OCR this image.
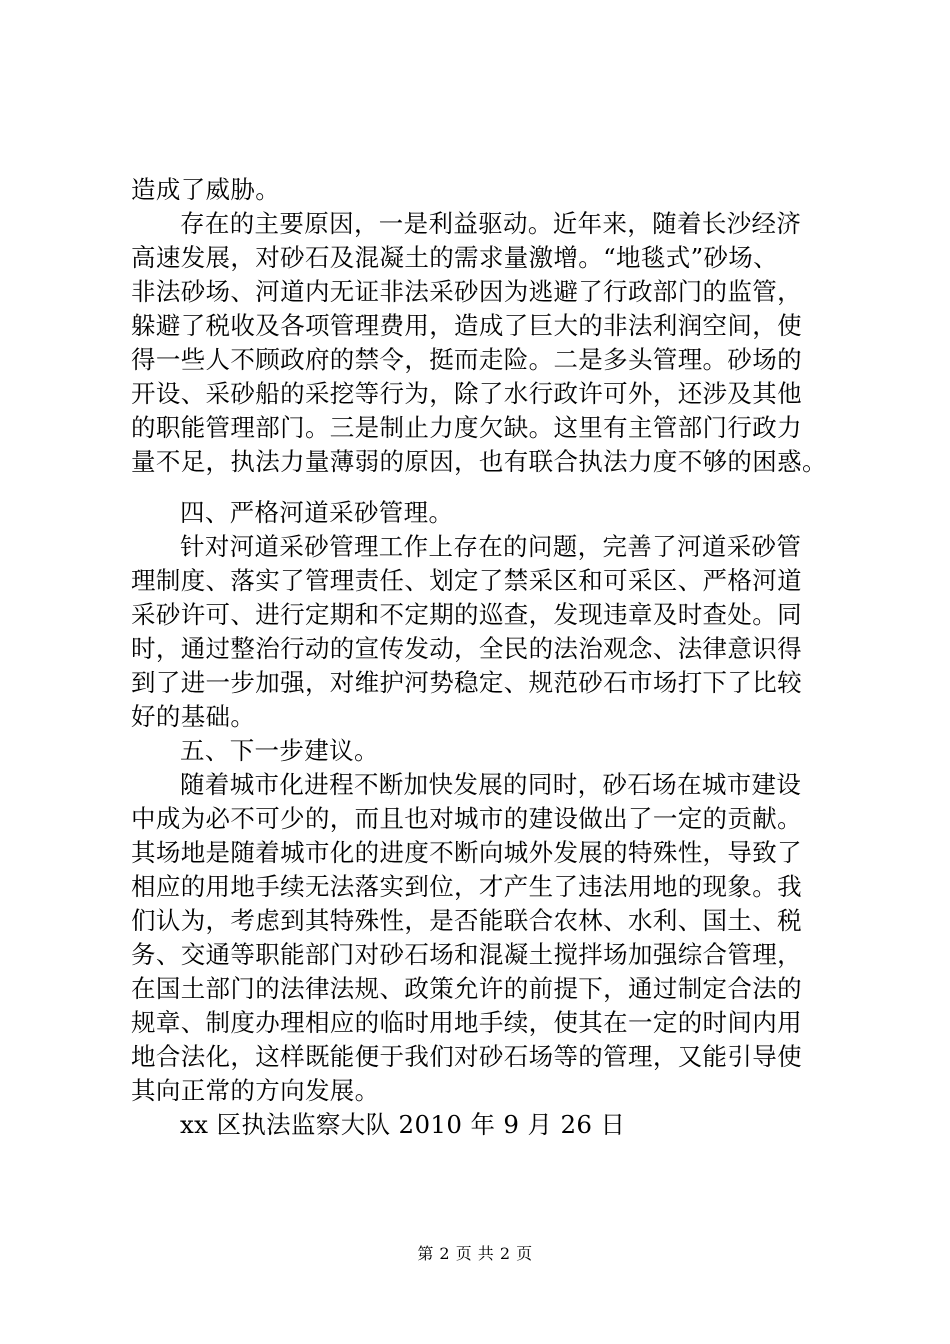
造成了威胁。
存在的主要原因，一是利益驱动。近年来，随着长沙经济
高速发展，对砂石及混凝土的需求量激增。“地毯式”砂场、
非法砂场、河道内无证非法采砂因为逃避了行政部门的监管，
躲避了税收及各项管理费用，造成了巨大的非法利润空间，使
得一些人不顾政府的禁令，挺而走险。二是多头管理。砂场的
开设、采砂船的采挖等行为，除了水行政许可外，还涉及其他
的职能管理部门。三是制止力度欠缺。这里有主管部门行政力
量不足，执法力量薄弱的原因，也有联合执法力度不够的困惑。
四、严格河道采砂管理。
针对河道采砂管理工作上存在的问题，完善了河道采砂管
理制度、落实了管理责任、划定了禁采区和可采区、严格河道
采砂许可、进行定期和不定期的巡查，发现违章及时查处。同
时，通过整治行动的宣传发动，全民的法治观念、法律意识得
到了进一步加强，对维护河势稳定、规范砂石市场打下了比较
好的基础。
五、下一步建议。
随着城市化进程不断加快发展的同时，砂石场在城市建设
中成为必不可少的，而且也对城市的建设做出了一定的贡献。
其场地是随着城市化的进度不断向城外发展的特殊性，导致了
相应的用地手续无法落实到位，才产生了违法用地的现象。我
们认为，考虑到其特殊性，是否能联合农林、水利、国土、税
务、交通等职能部门对砂石场和混凝土搅拌场加强综合管理，
在国土部门的法律法规、政策允许的前提下，通过制定合法的
规章、制度办理相应的临时用地手续，使其在一定的时间内用
地合法化，这样既能便于我们对砂石场等的管理，又能引导使
其向正常的方向发展。
xx 区执法监察大队 2010 年 9 月 26 日
第 2 页 共 2 页
